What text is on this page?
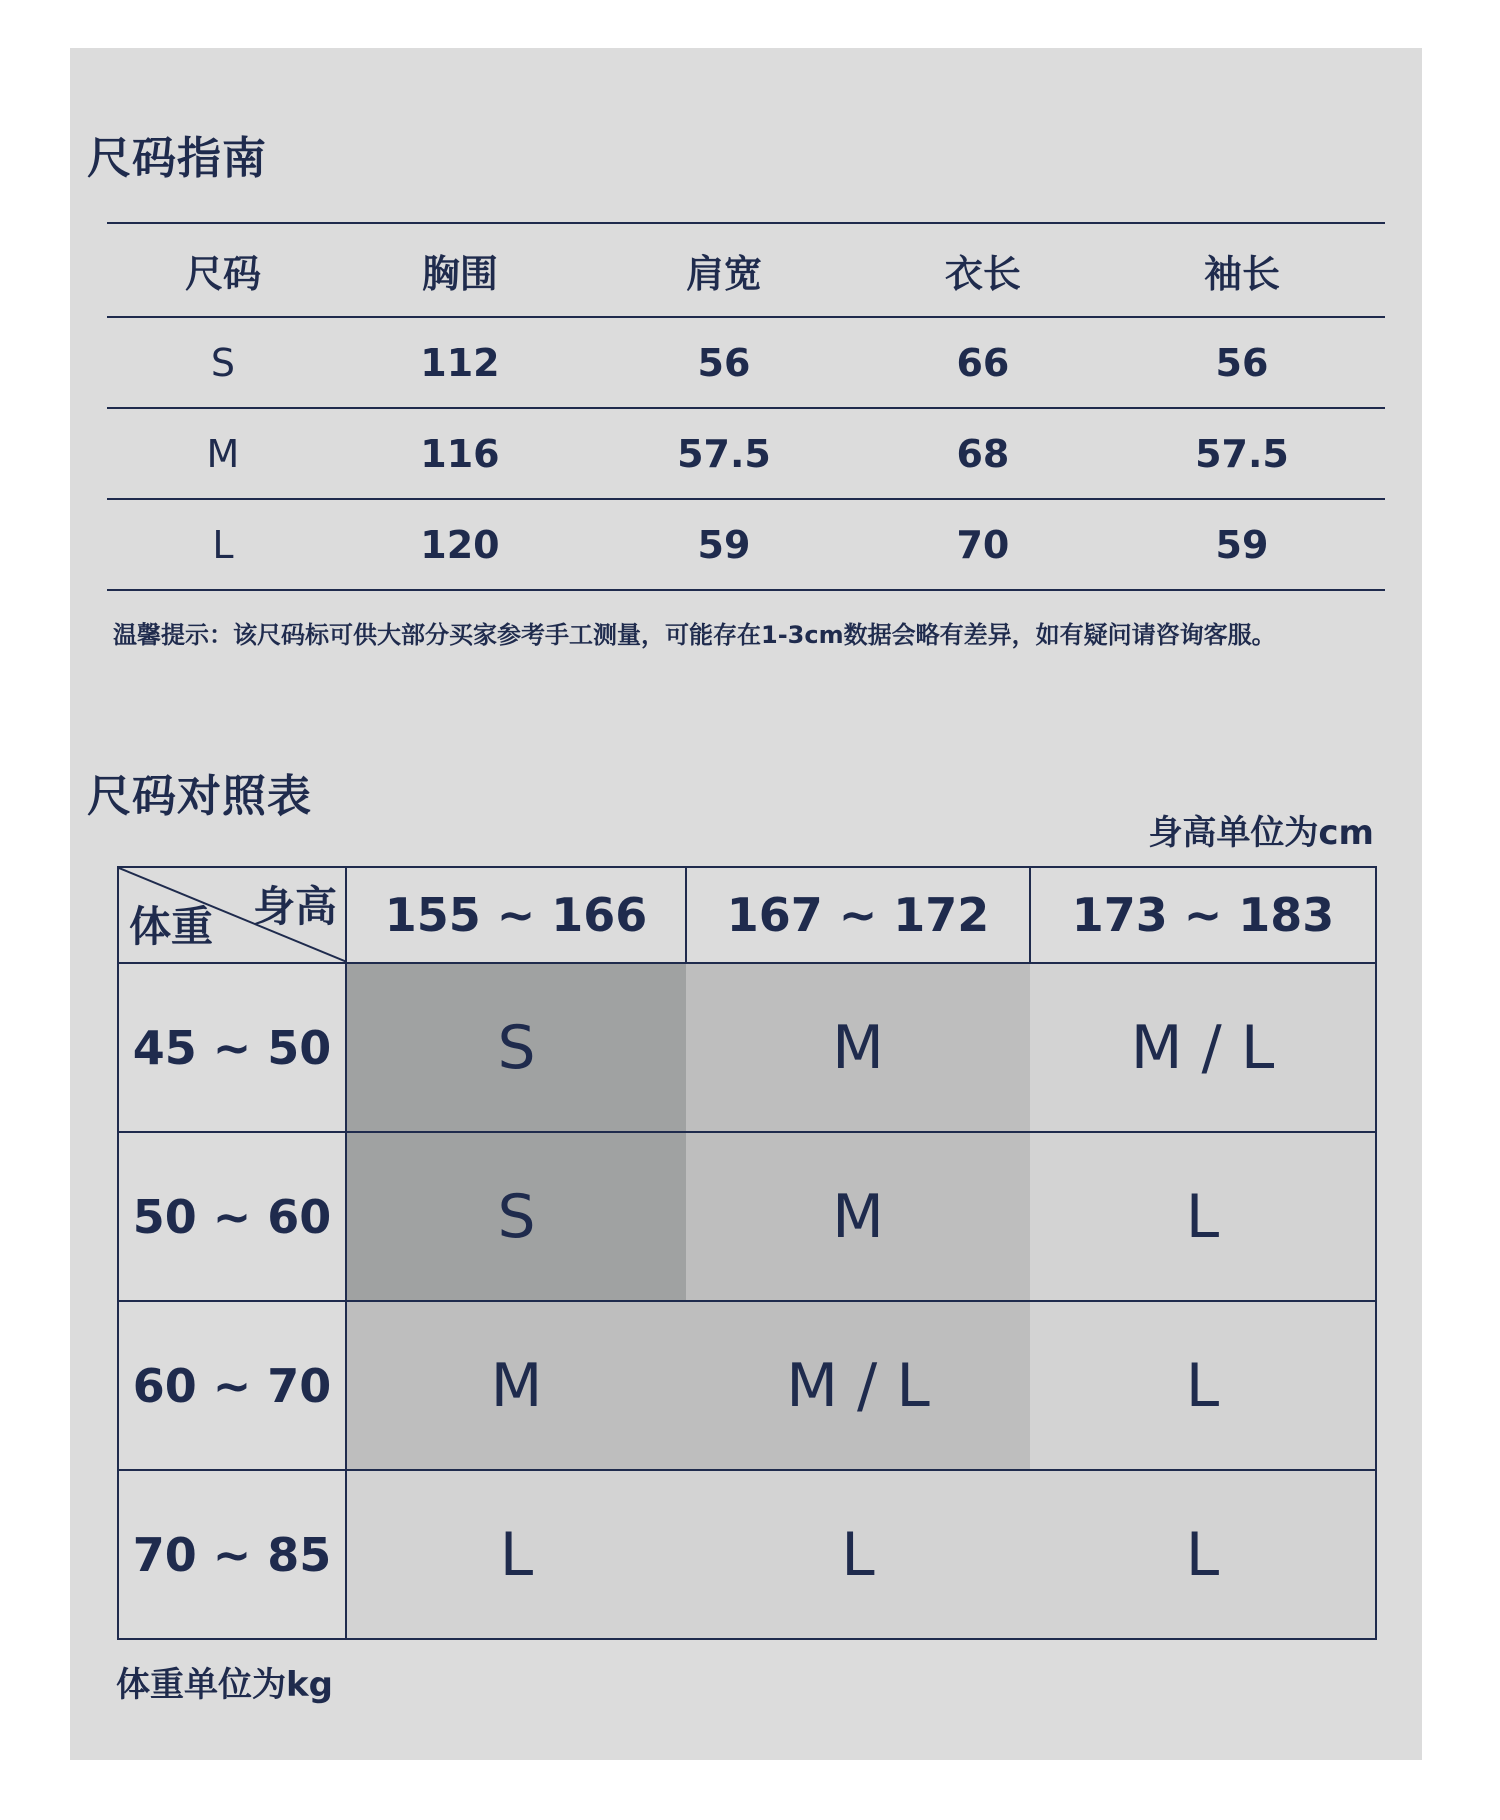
尺码指南
尺码	胸围	肩宽	衣长	袖长
S	112	56	66	56
M	116	57.5	68	57.5
L	120	59	70	59
温馨提示：该尺码标可供大部分买家参考手工测量，可能存在1-3cm数据会略有差异，如有疑问请咨询客服。
尺码对照表
身高单位为cm
身高
体重	155 ~ 166	167 ~ 172	173 ~ 183
45 ~ 50	S	M	M / L
50 ~ 60	S	M	L
60 ~ 70	M	M / L	L
70 ~ 85	L	L	L
体重单位为kg
